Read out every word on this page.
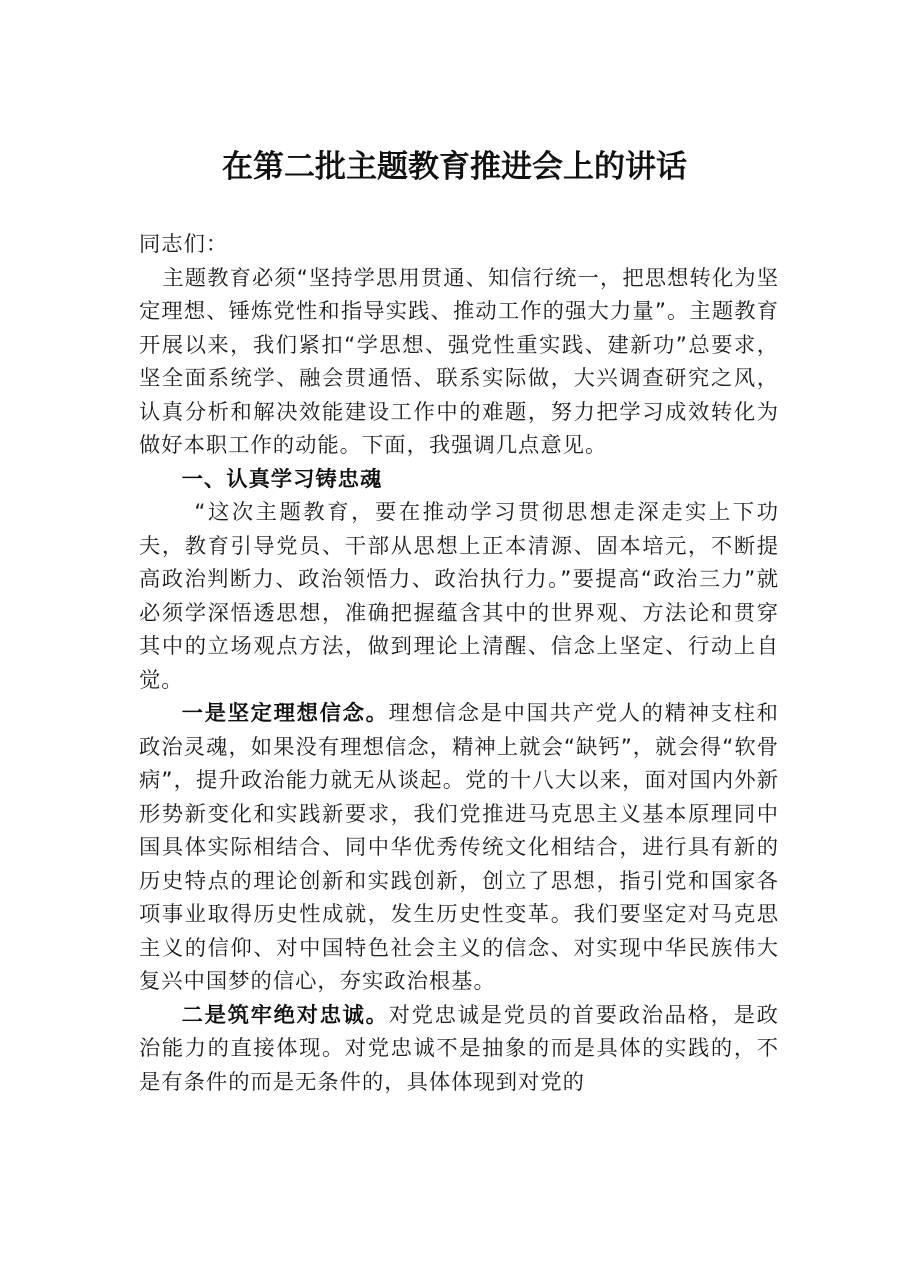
在第二批主题教育推进会上的讲话

同志们：

主题教育必须“坚持学思用贯通、知信行统一，把思想转化为坚定理想、锤炼党性和指导实践、推动工作的强大力量”。主题教育开展以来，我们紧扣“学思想、强党性重实践、建新功”总要求，坚全面系统学、融会贯通悟、联系实际做，大兴调查研究之风，认真分析和解决效能建设工作中的难题，努力把学习成效转化为做好本职工作的动能。下面，我强调几点意见。

一、认真学习铸忠魂

“这次主题教育，要在推动学习贯彻思想走深走实上下功夫，教育引导党员、干部从思想上正本清源、固本培元，不断提高政治判断力、政治领悟力、政治执行力。”要提高“政治三力”就必须学深悟透思想，准确把握蕴含其中的世界观、方法论和贯穿其中的立场观点方法，做到理论上清醒、信念上坚定、行动上自觉。

一是坚定理想信念。理想信念是中国共产党人的精神支柱和政治灵魂，如果没有理想信念，精神上就会“缺钙”，就会得“软骨病”，提升政治能力就无从谈起。党的十八大以来，面对国内外新形势新变化和实践新要求，我们党推进马克思主义基本原理同中国具体实际相结合、同中华优秀传统文化相结合，进行具有新的历史特点的理论创新和实践创新，创立了思想，指引党和国家各项事业取得历史性成就，发生历史性变革。我们要坚定对马克思主义的信仰、对中国特色社会主义的信念、对实现中华民族伟大复兴中国梦的信心，夯实政治根基。

二是筑牢绝对忠诚。对党忠诚是党员的首要政治品格，是政治能力的直接体现。对党忠诚不是抽象的而是具体的实践的，不是有条件的而是无条件的，具体体现到对党的
